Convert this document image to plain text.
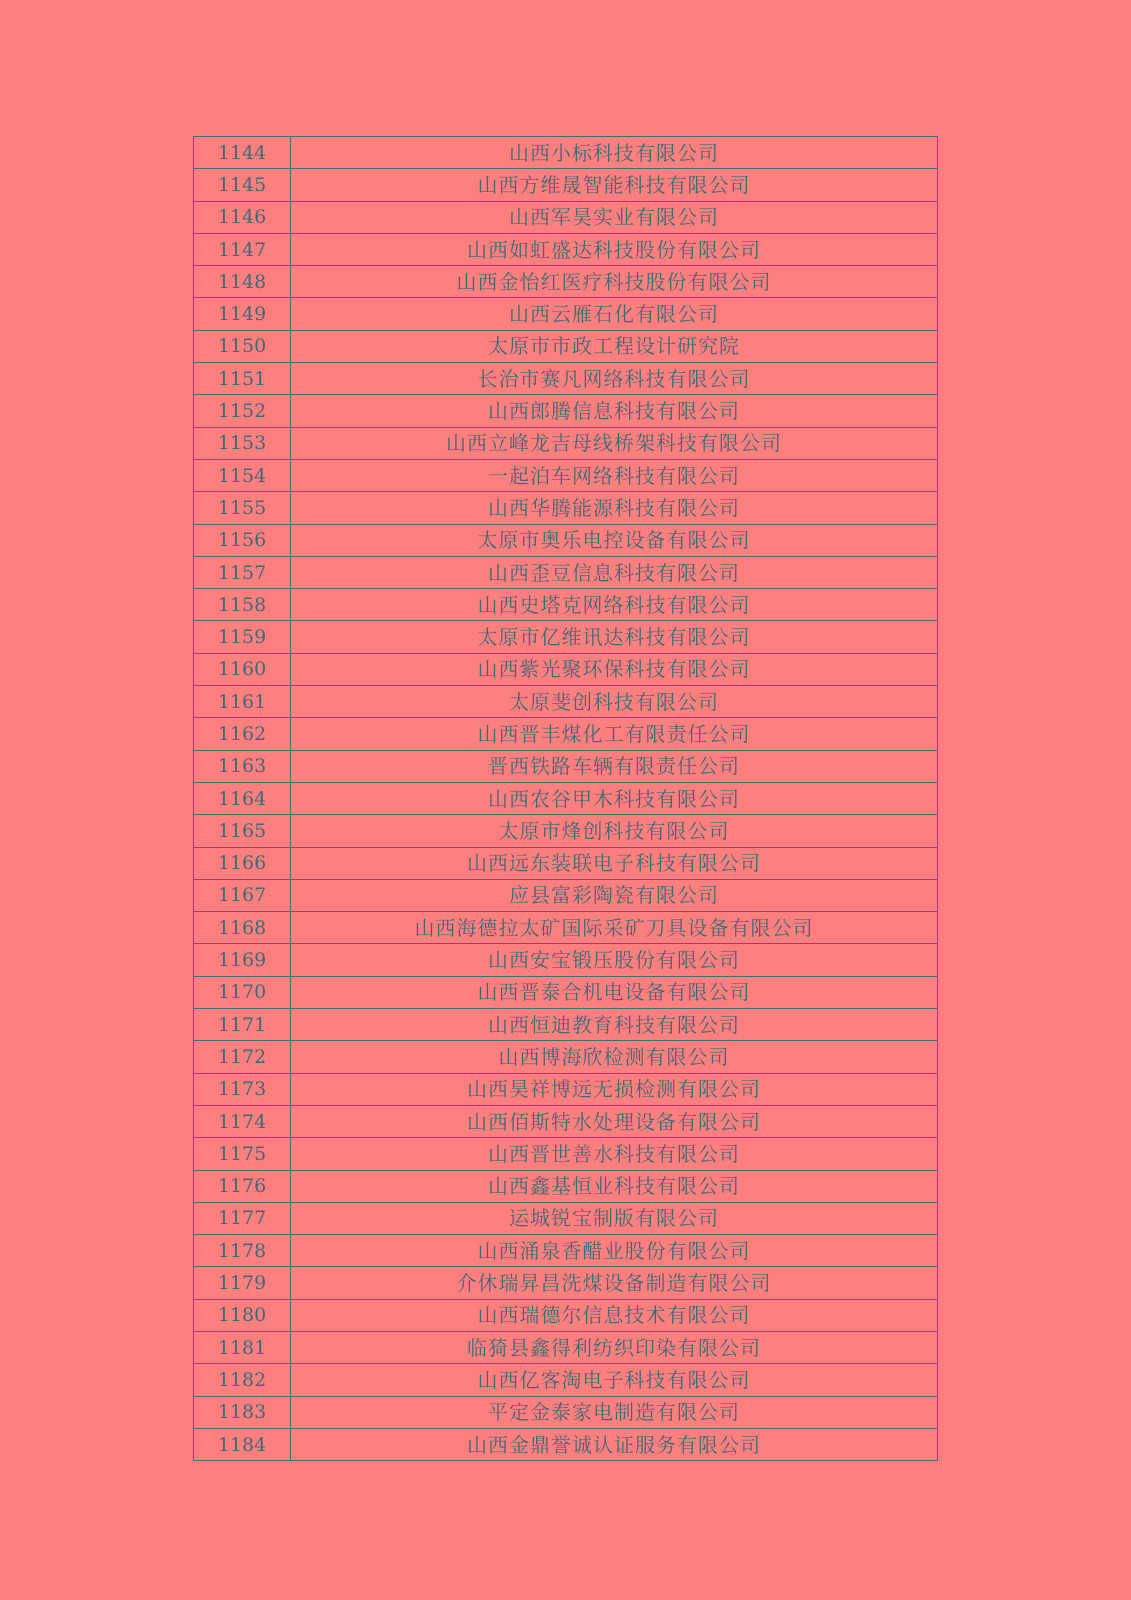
1144	山西小标科技有限公司
1145	山西方维晟智能科技有限公司
1146	山西军昊实业有限公司
1147	山西如虹盛达科技股份有限公司
1148	山西金怡红医疗科技股份有限公司
1149	山西云雁石化有限公司
1150	太原市市政工程设计研究院
1151	长治市赛凡网络科技有限公司
1152	山西郎腾信息科技有限公司
1153	山西立峰龙吉母线桥架科技有限公司
1154	一起泊车网络科技有限公司
1155	山西华腾能源科技有限公司
1156	太原市奥乐电控设备有限公司
1157	山西歪豆信息科技有限公司
1158	山西史塔克网络科技有限公司
1159	太原市亿维讯达科技有限公司
1160	山西紫光聚环保科技有限公司
1161	太原斐创科技有限公司
1162	山西晋丰煤化工有限责任公司
1163	晋西铁路车辆有限责任公司
1164	山西农谷甲木科技有限公司
1165	太原市烽创科技有限公司
1166	山西远东装联电子科技有限公司
1167	应县富彩陶瓷有限公司
1168	山西海德拉太矿国际采矿刀具设备有限公司
1169	山西安宝锻压股份有限公司
1170	山西晋泰合机电设备有限公司
1171	山西恒迪教育科技有限公司
1172	山西博海欣检测有限公司
1173	山西昊祥博远无损检测有限公司
1174	山西佰斯特水处理设备有限公司
1175	山西晋世善水科技有限公司
1176	山西鑫基恒业科技有限公司
1177	运城锐宝制版有限公司
1178	山西涌泉香醋业股份有限公司
1179	介休瑞昇昌洗煤设备制造有限公司
1180	山西瑞德尔信息技术有限公司
1181	临猗县鑫得利纺织印染有限公司
1182	山西亿客淘电子科技有限公司
1183	平定金泰家电制造有限公司
1184	山西金鼎誉诚认证服务有限公司
